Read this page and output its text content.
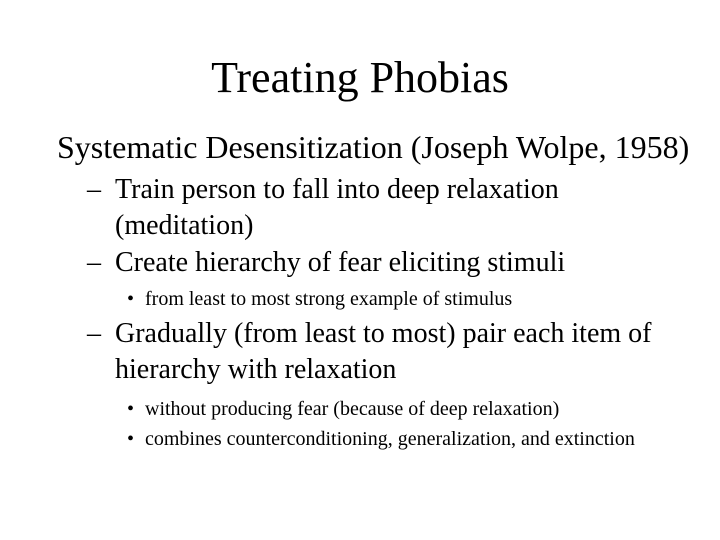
Treating Phobias
Systematic Desensitization (Joseph Wolpe, 1958)
– Train person to fall into deep relaxation (meditation)
– Create hierarchy of fear eliciting stimuli
• from least to most strong example of stimulus
– Gradually (from least to most) pair each item of hierarchy with relaxation
• without producing fear (because of deep relaxation)
• combines counterconditioning, generalization, and extinction
